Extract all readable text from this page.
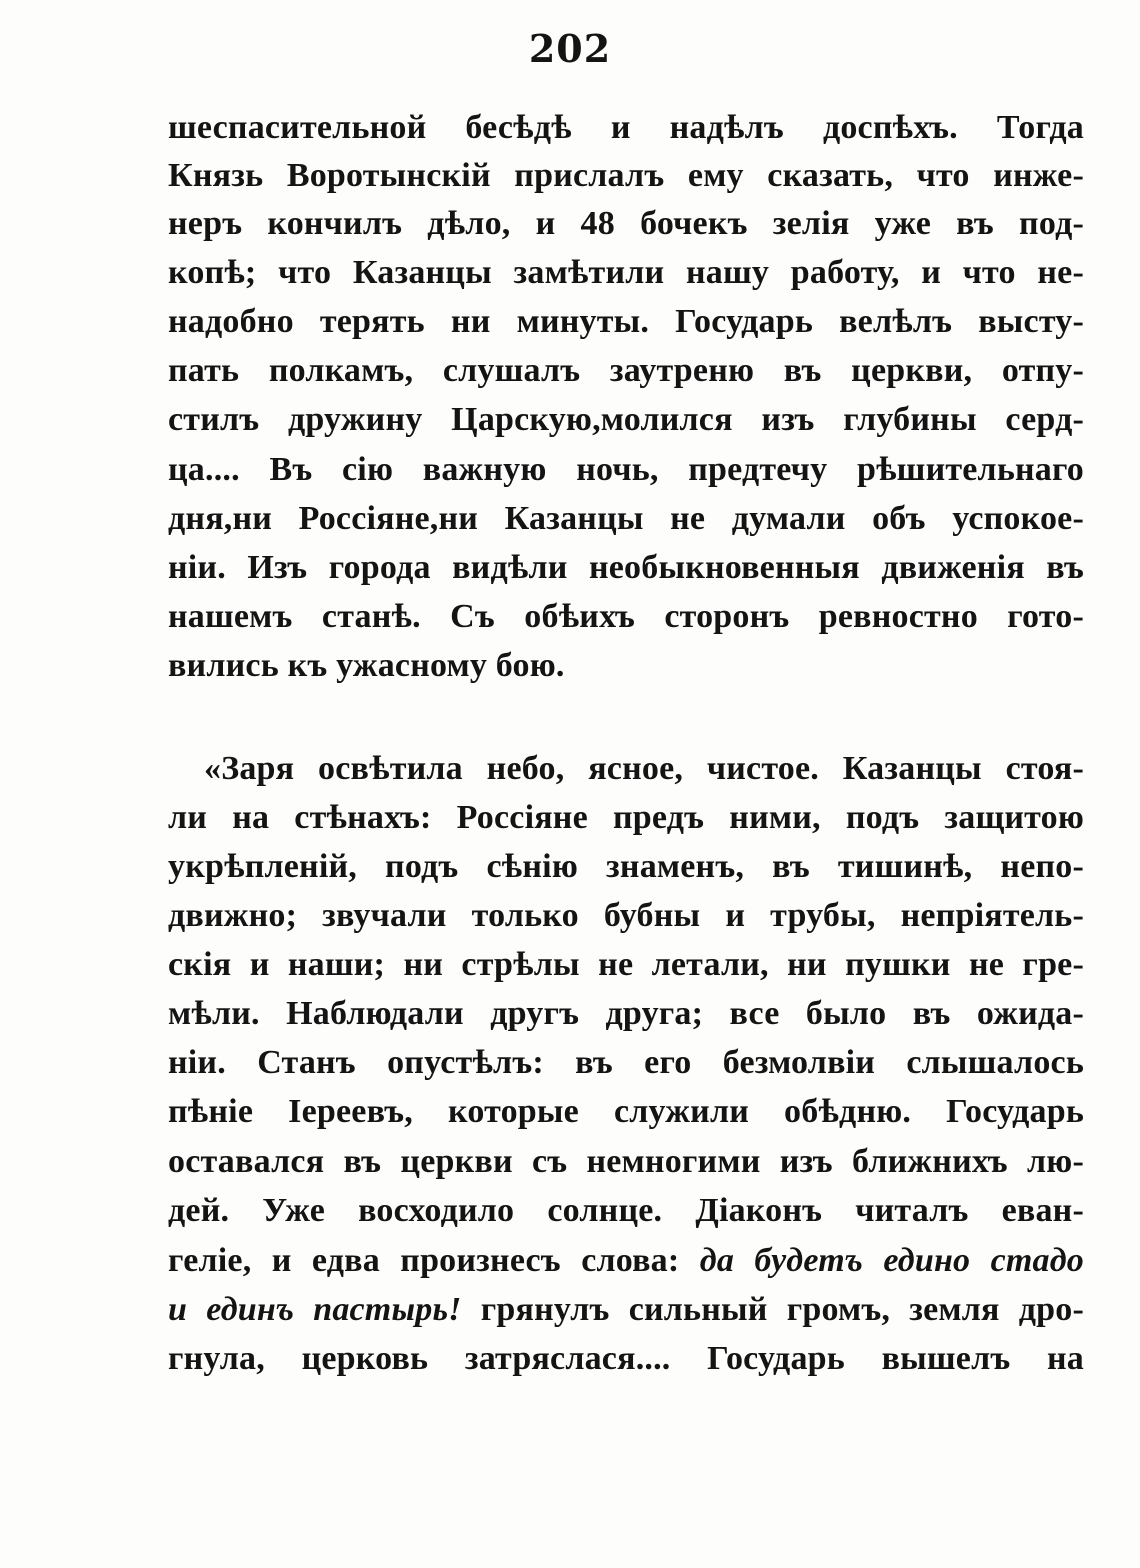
202
шеспасительной бесѣдѣ и надѣлъ доспѣхъ. Тогда
Князь Воротынскій прислалъ ему сказать, что инже-
неръ кончилъ дѣло, и 48 бочекъ зелія уже въ под-
копѣ; что Казанцы замѣтили нашу работу, и что не-
надобно терять ни минуты. Государь велѣлъ высту-
пать полкамъ, слушалъ заутреню въ церкви, отпу-
стилъ дружину Царскую,молился изъ глубины серд-
ца.... Въ сію важную ночь, предтечу рѣшительнаго
дня,ни Россіяне,ни Казанцы не думали объ успокое-
ніи. Изъ города видѣли необыкновенныя движенія въ
нашемъ станѣ. Съ обѣихъ сторонъ ревностно гото-
вились къ ужасному бою.
«Заря освѣтила небо, ясное, чистое. Казанцы стоя-
ли на стѣнахъ: Россіяне предъ ними, подъ защитою
укрѣпленій, подъ сѣнію знаменъ, въ тишинѣ, непо-
движно; звучали только бубны и трубы, непріятель-
скія и наши; ни стрѣлы не летали, ни пушки не гре-
мѣли. Наблюдали другъ друга; все было въ ожида-
ніи. Станъ опустѣлъ: въ его безмолвіи слышалось
пѣніе Іереевъ, которые служили обѣдню. Государь
оставался въ церкви съ немногими изъ ближнихъ лю-
дей. Уже восходило солнце. Діаконъ читалъ еван-
геліе, и едва произнесъ слова: да будетъ едино стадо
и единъ пастырь! грянулъ сильный громъ, земля дро-
гнула, церковь затряслася.... Государь вышелъ на
